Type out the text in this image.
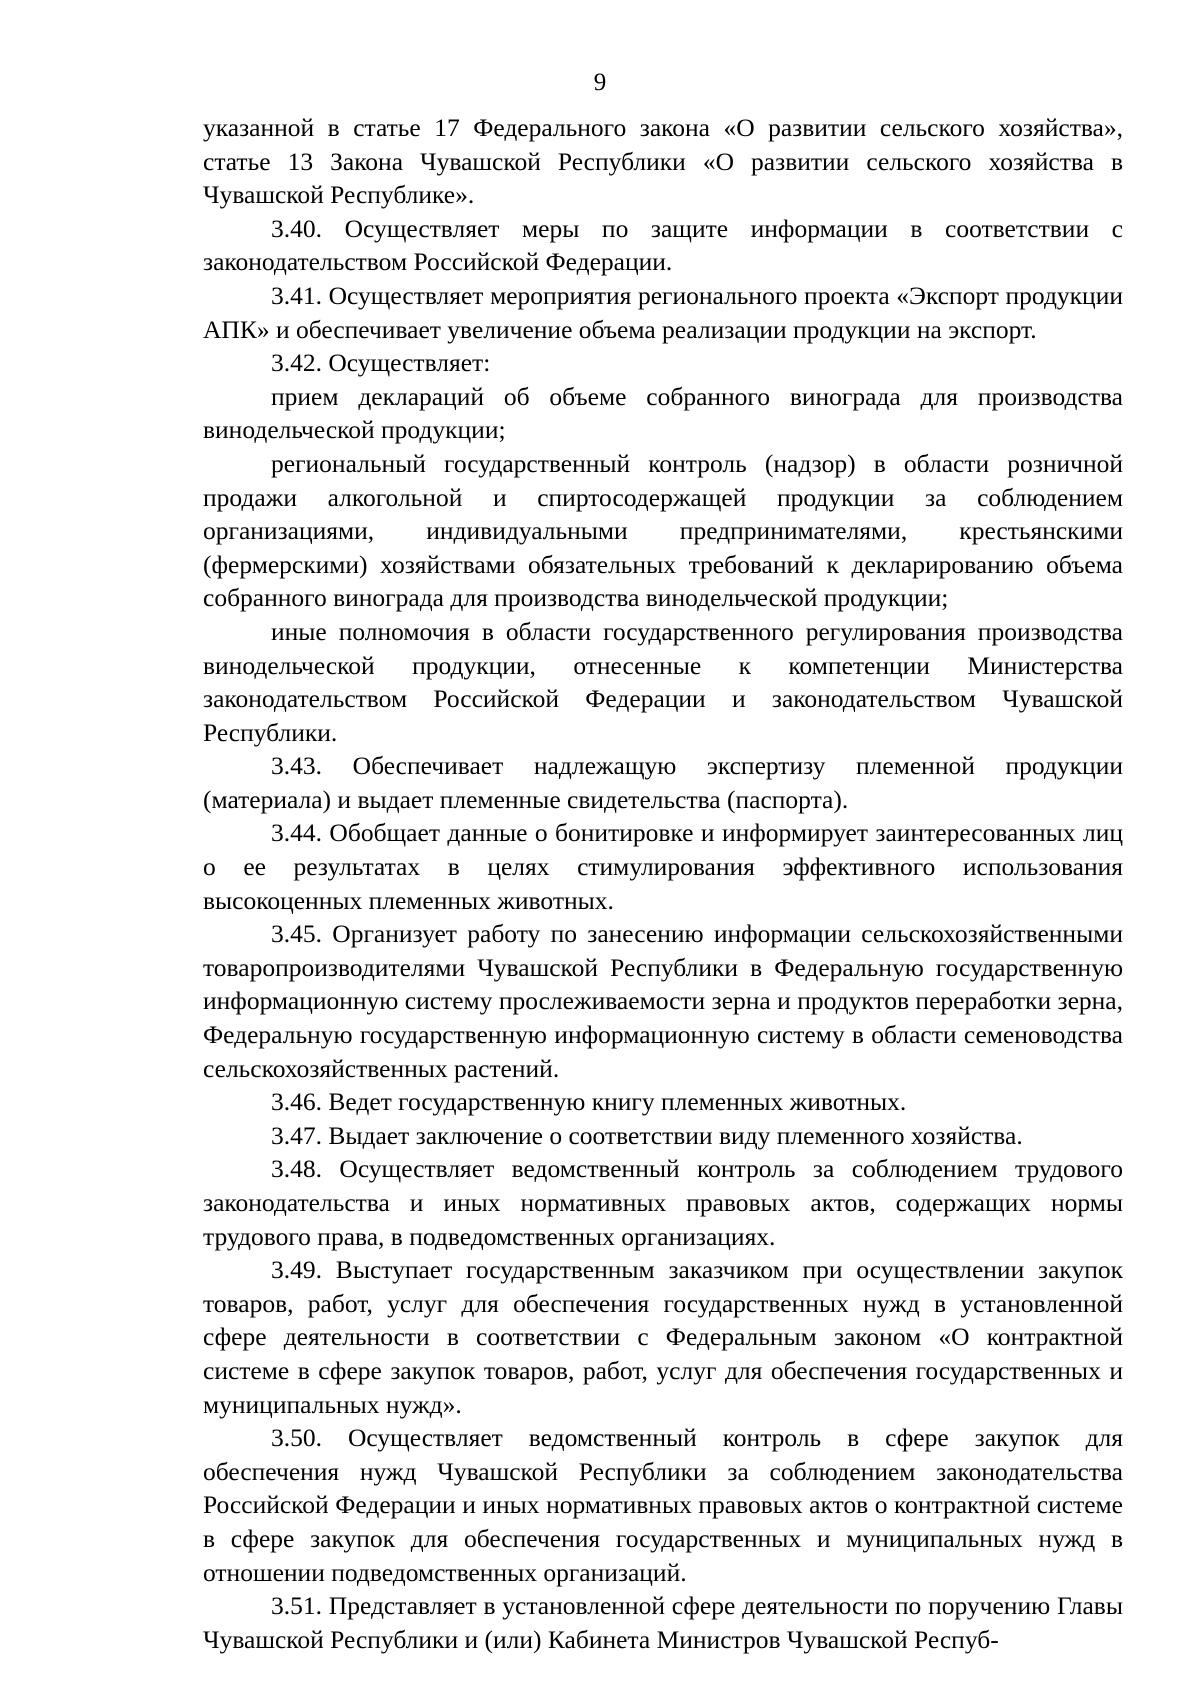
9

указанной в статье 17 Федерального закона «О развитии сельского хозяйства», статье 13 Закона Чувашской Республики «О развитии сельского хозяйства в Чувашской Республике».

3.40. Осуществляет меры по защите информации в соответствии с законодательством Российской Федерации.

3.41. Осуществляет мероприятия регионального проекта «Экспорт продукции АПК» и обеспечивает увеличение объема реализации продукции на экспорт.

3.42. Осуществляет:

прием деклараций об объеме собранного винограда для производства винодельческой продукции;

региональный государственный контроль (надзор) в области розничной продажи алкогольной и спиртосодержащей продукции за соблюдением организациями, индивидуальными предпринимателями, крестьянскими (фермерскими) хозяйствами обязательных требований к декларированию объема собранного винограда для производства винодельческой продукции;

иные полномочия в области государственного регулирования производства винодельческой продукции, отнесенные к компетенции Министерства законодательством Российской Федерации и законодательством Чувашской Республики.

3.43. Обеспечивает надлежащую экспертизу племенной продукции (материала) и выдает племенные свидетельства (паспорта).

3.44. Обобщает данные о бонитировке и информирует заинтересованных лиц о ее результатах в целях стимулирования эффективного использования высокоценных племенных животных.

3.45. Организует работу по занесению информации сельскохозяйственными товаропроизводителями Чувашской Республики в Федеральную государственную информационную систему прослеживаемости зерна и продуктов переработки зерна, Федеральную государственную информационную систему в области семеноводства сельскохозяйственных растений.

3.46. Ведет государственную книгу племенных животных.

3.47. Выдает заключение о соответствии виду племенного хозяйства.

3.48. Осуществляет ведомственный контроль за соблюдением трудового законодательства и иных нормативных правовых актов, содержащих нормы трудового права, в подведомственных организациях.

3.49. Выступает государственным заказчиком при осуществлении закупок товаров, работ, услуг для обеспечения государственных нужд в установленной сфере деятельности в соответствии с Федеральным законом «О контрактной системе в сфере закупок товаров, работ, услуг для обеспечения государственных и муниципальных нужд».

3.50. Осуществляет ведомственный контроль в сфере закупок для обеспечения нужд Чувашской Республики за соблюдением законодательства Российской Федерации и иных нормативных правовых актов о контрактной системе в сфере закупок для обеспечения государственных и муниципальных нужд в отношении подведомственных организаций.

3.51. Представляет в установленной сфере деятельности по поручению Главы Чувашской Республики и (или) Кабинета Министров Чувашской Респуб-
